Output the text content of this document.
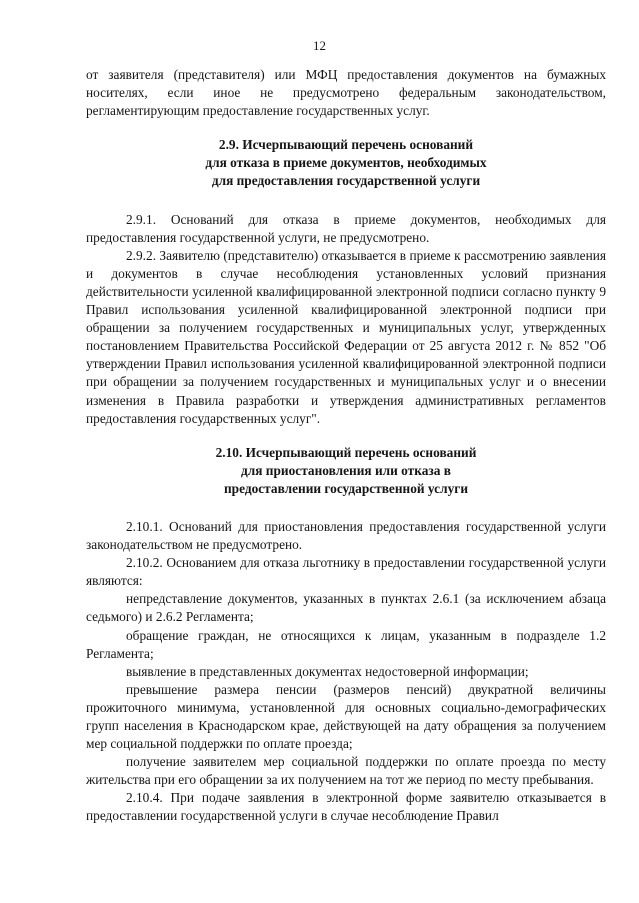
12

от заявителя (представителя) или МФЦ предоставления документов на бумажных носителях, если иное не предусмотрено федеральным законодательством, регламентирующим предоставление государственных услуг.

2.9. Исчерпывающий перечень оснований
для отказа в приеме документов, необходимых
для предоставления государственной услуги

2.9.1. Оснований для отказа в приеме документов, необходимых для предоставления государственной услуги, не предусмотрено.

2.9.2. Заявителю (представителю) отказывается в приеме к рассмотрению заявления и документов в случае несоблюдения установленных условий признания действительности усиленной квалифицированной электронной подписи согласно пункту 9 Правил использования усиленной квалифицированной электронной подписи при обращении за получением государственных и муниципальных услуг, утвержденных постановлением Правительства Российской Федерации от 25 августа 2012 г. № 852 "Об утверждении Правил использования усиленной квалифицированной электронной подписи при обращении за получением государственных и муниципальных услуг и о внесении изменения в Правила разработки и утверждения административных регламентов предоставления государственных услуг".

2.10. Исчерпывающий перечень оснований
для приостановления или отказа в
предоставлении государственной услуги

2.10.1. Оснований для приостановления предоставления государственной услуги законодательством не предусмотрено.

2.10.2. Основанием для отказа льготнику в предоставлении государственной услуги являются:

непредставление документов, указанных в пунктах 2.6.1 (за исключением абзаца седьмого) и 2.6.2 Регламента;

обращение граждан, не относящихся к лицам, указанным в подразделе 1.2 Регламента;

выявление в представленных документах недостоверной информации;

превышение размера пенсии (размеров пенсий) двукратной величины прожиточного минимума, установленной для основных социально-демографических групп населения в Краснодарском крае, действующей на дату обращения за получением мер социальной поддержки по оплате проезда;

получение заявителем мер социальной поддержки по оплате проезда по месту жительства при его обращении за их получением на тот же период по месту пребывания.

2.10.4. При подаче заявления в электронной форме заявителю отказывается в предоставлении государственной услуги в случае несоблюдение Правил
